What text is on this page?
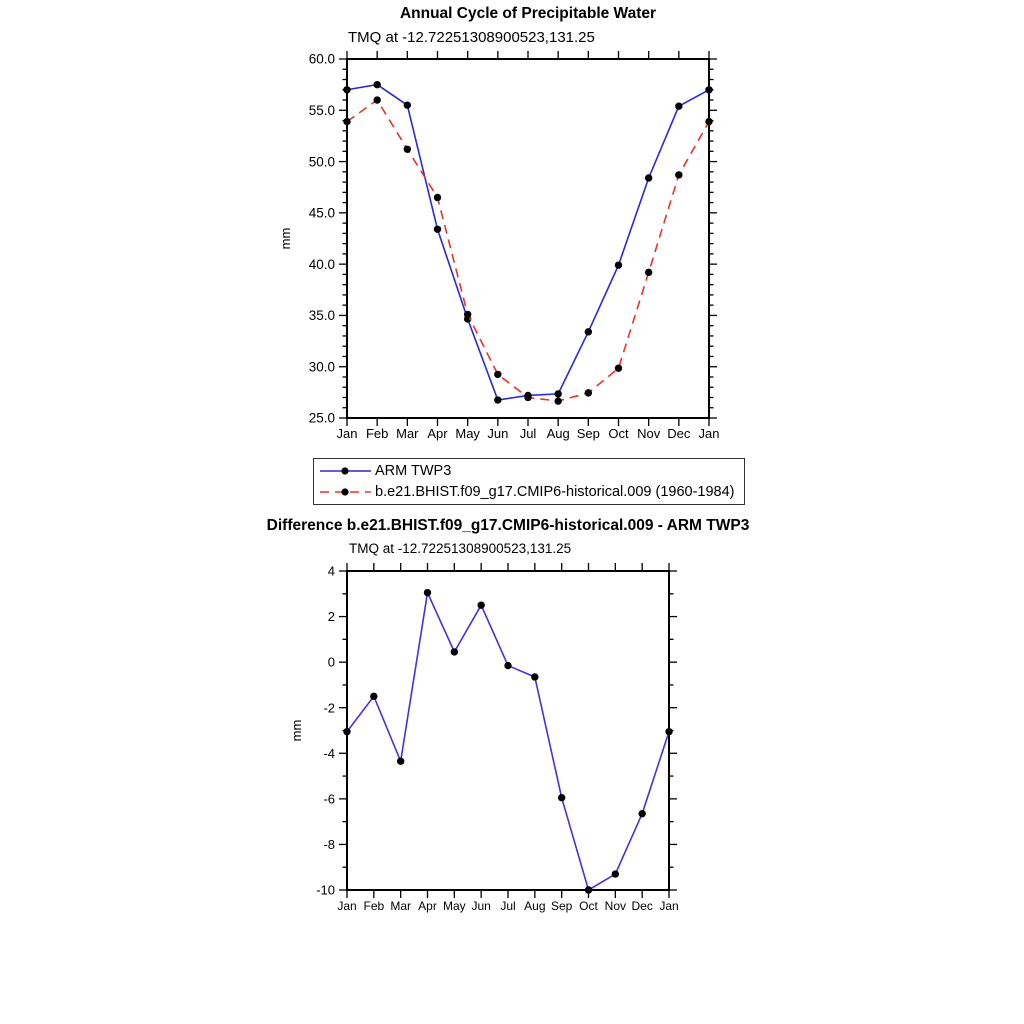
Annual Cycle of Precipitable Water
TMQ at -12.72251308900523,131.25
Difference b.e21.BHIST.f09_g17.CMIP6-historical.009 - ARM TWP3
TMQ at -12.72251308900523,131.25
25.0
30.0
35.0
40.0
45.0
50.0
55.0
60.0
Jan Feb Mar Apr May Jun Jul Aug Sep Oct Nov Dec Jan
mm
-10
-8
-6
-4
-2
0
2
4
Jan Feb Mar Apr May Jun Jul Aug Sep Oct Nov Dec Jan
mm
ARM TWP3
b.e21.BHIST.f09_g17.CMIP6-historical.009 (1960-1984)
